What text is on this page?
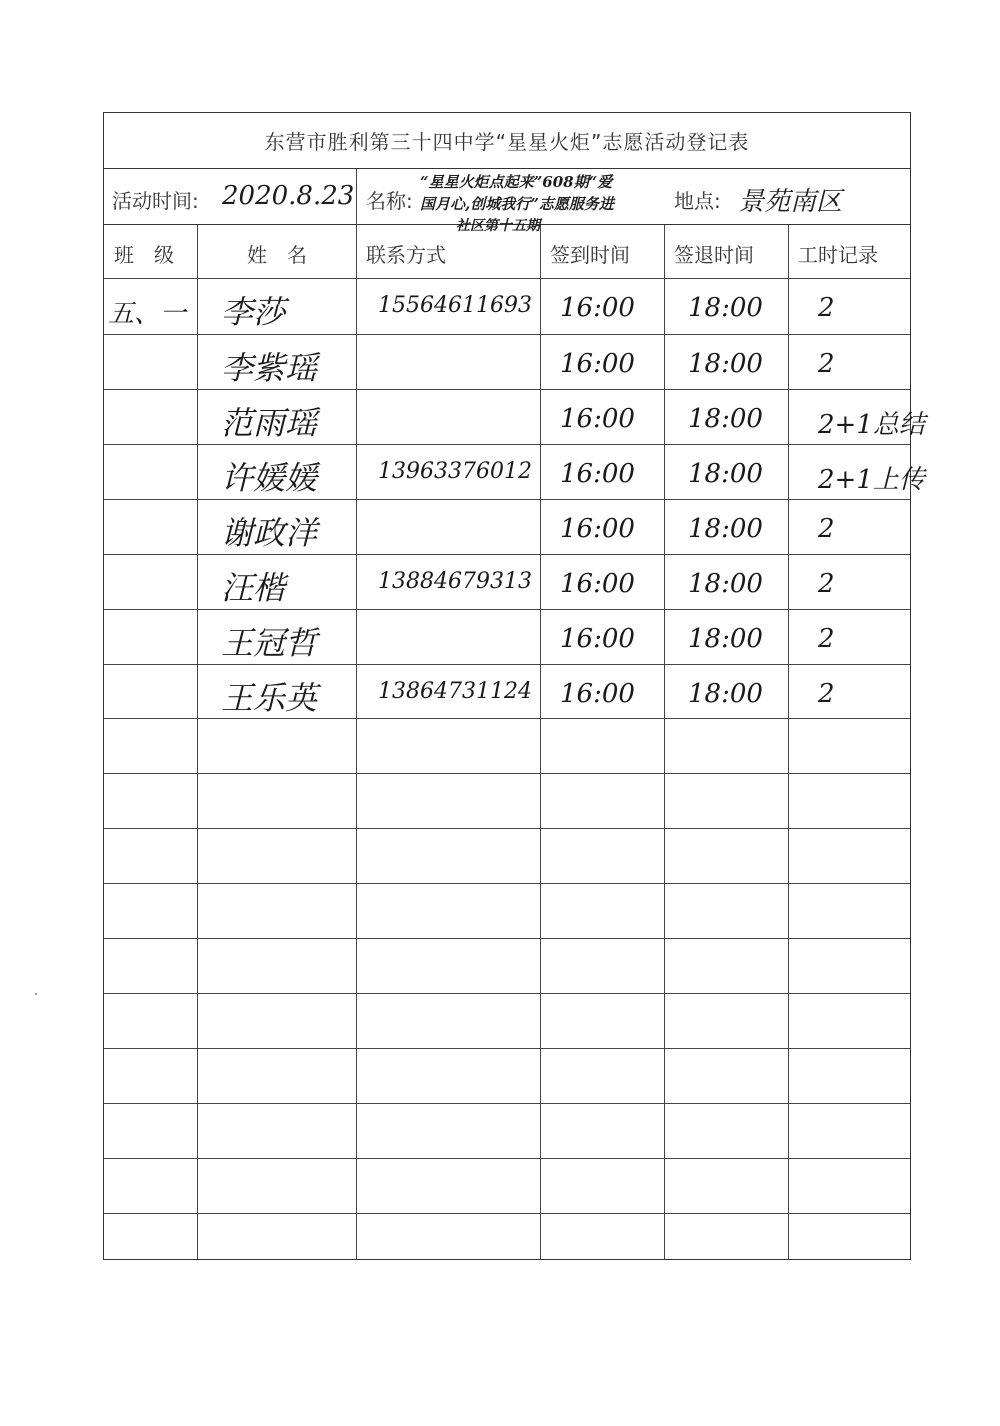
东营市胜利第三十四中学“星星火炬”志愿活动登记表
活动时间: 2020.8.23 名称:
“星星火炬点起来”608期“爱
国月心,创城我行”志愿服务进
社区第十五期
地点: 景苑南区
班　级	姓　名	联系方式	签到时间 签退时间 工时记录
五、一 李莎	15564611693 16:00 18:00 2
李紫瑶	16:00 18:00 2
范雨瑶	16:00 18:00 2+1总结
许媛媛	13963376012 16:00 18:00 2+1上传
谢政洋	16:00 18:00 2
汪楷	13884679313 16:00 18:00 2
王冠哲	16:00 18:00 2
王乐英	13864731124 16:00 18:00 2
